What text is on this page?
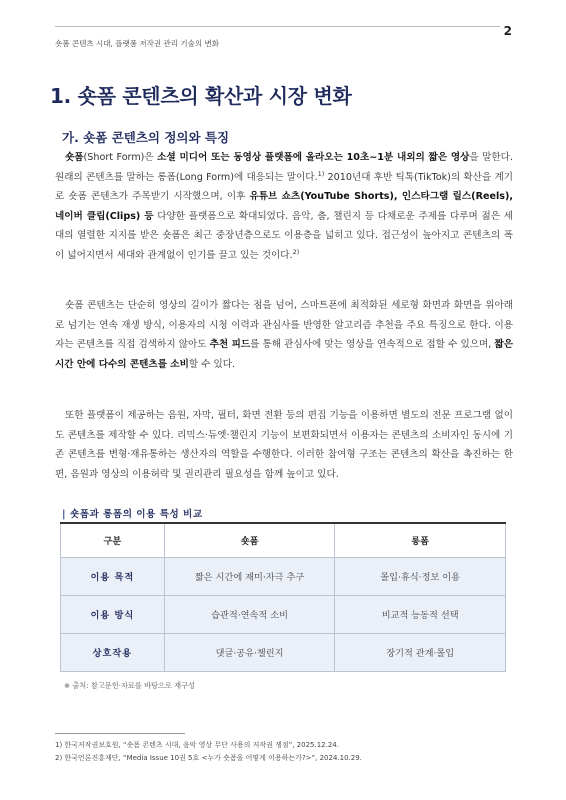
2
숏폼 콘텐츠 시대, 플랫폼 저작권 관리 기술의 변화
1. 숏폼 콘텐츠의 확산과 시장 변화
가. 숏폼 콘텐츠의 정의와 특징

숏폼(Short Form)은 소셜 미디어 또는 동영상 플랫폼에 올라오는 10초~1분 내외의 짧은 영상을 말한다. 원래의 콘텐츠를 말하는 롱폼(Long Form)에 대응되는 말이다.$^{1)}$ 2010년대 후반 틱톡(TikTok)의 확산을 계기로 숏폼 콘텐츠가 주목받기 시작했으며, 이후 유튜브 쇼츠(YouTube Shorts), 인스타그램 릴스(Reels), 네이버 클립(Clips) 등 다양한 플랫폼으로 확대되었다. 음악, 춤, 챌린지 등 다채로운 주제를 다루며 젊은 세대의 열렬한 지지를 받은 숏폼은 최근 중장년층으로도 이용층을 넓히고 있다. 접근성이 높아지고 콘텐츠의 폭이 넓어지면서 세대와 관계없이 인기를 끌고 있는 것이다.$^{2)}$

숏폼 콘텐츠는 단순히 영상의 길이가 짧다는 점을 넘어, 스마트폰에 최적화된 세로형 화면과 화면을 위아래로 넘기는 연속 재생 방식, 이용자의 시청 이력과 관심사를 반영한 알고리즘 추천을 주요 특징으로 한다. 이용자는 콘텐츠를 직접 검색하지 않아도 추천 피드를 통해 관심사에 맞는 영상을 연속적으로 접할 수 있으며, 짧은 시간 안에 다수의 콘텐츠를 소비할 수 있다.

또한 플랫폼이 제공하는 음원, 자막, 필터, 화면 전환 등의 편집 기능을 이용하면 별도의 전문 프로그램 없이도 콘텐츠를 제작할 수 있다. 리믹스·듀엣·챌린지 기능이 보편화되면서 이용자는 콘텐츠의 소비자인 동시에 기존 콘텐츠를 변형·재유통하는 생산자의 역할을 수행한다. 이러한 참여형 구조는 콘텐츠의 확산을 촉진하는 한편, 음원과 영상의 이용허락 및 권리관리 필요성을 함께 높이고 있다.

| 숏폼과 롱폼의 이용 특성 비교
구분	숏폼	롱폼
이용 목적	짧은 시간에 재미·자극 추구	몰입·휴식·정보 이용
이용 방식	습관적·연속적 소비	비교적 능동적 선택
상호작용	댓글·공유·챌린지	장기적 관계·몰입
※ 출처: 참고문헌·자료를 바탕으로 재구성
1) 한국저작권보호원, “숏폼 콘텐츠 시대, 음악 영상 무단 사용의 저작권 쟁점”, 2025.12.24.
2) 한국언론진흥재단, “Media Issue 10권 5호 <누가 숏폼을 어떻게 이용하는가?>”, 2024.10.29.
